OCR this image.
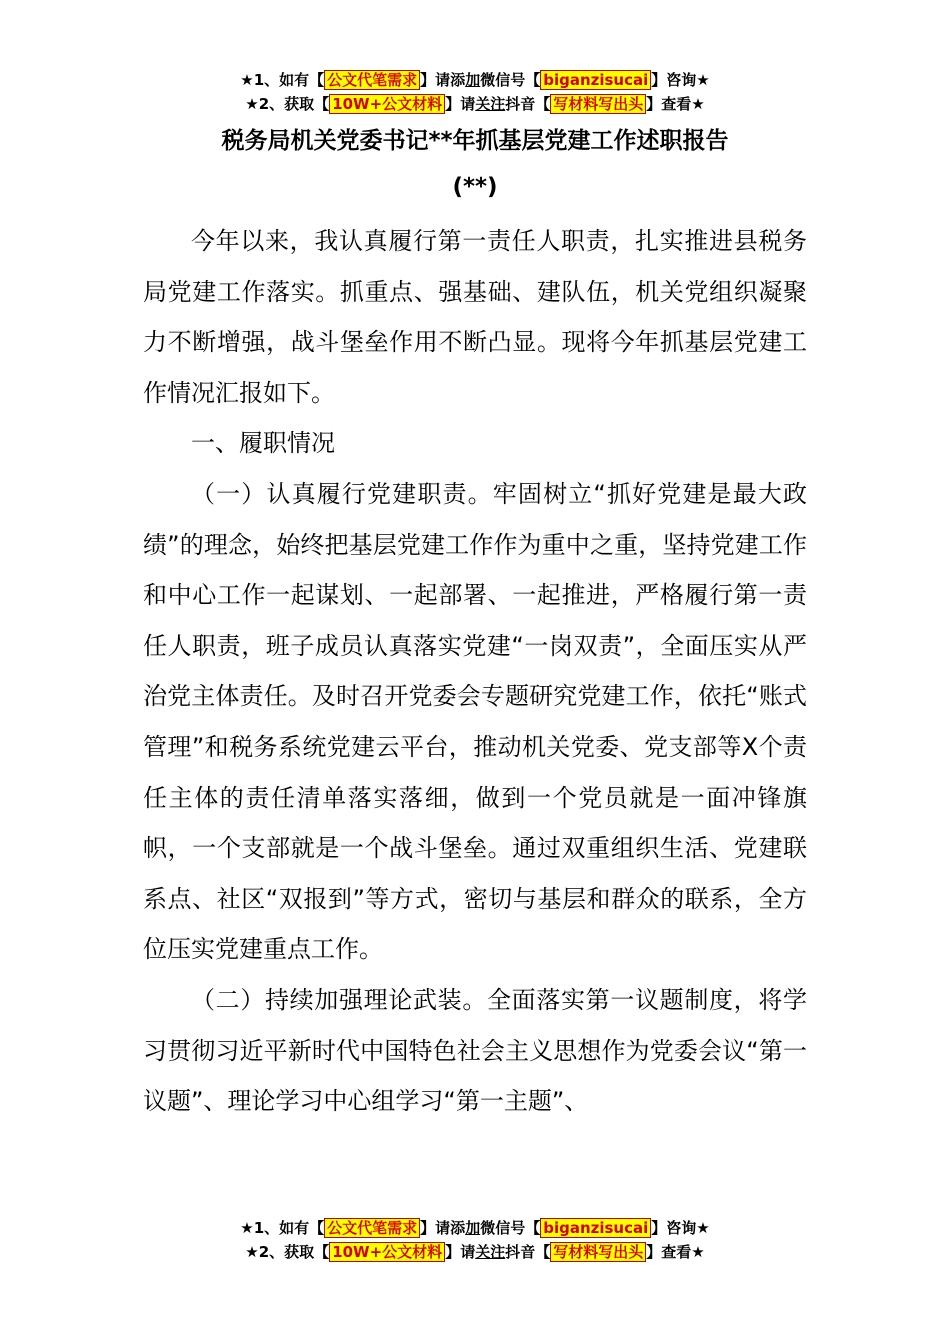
★1、如有【 公文代笔需求 】请添加微信号【 biganzisucai 】咨询★
★2、获取【 10W+公文材料 】请关注抖音【 写材料写出头 】查看★
税务局机关党委书记**年抓基层党建工作述职报告
(**)

今年以来，我认真履行第一责任人职责，扎实推进县税务局党建工作落实。抓重点、强基础、建队伍，机关党组织凝聚力不断增强，战斗堡垒作用不断凸显。现将今年抓基层党建工作情况汇报如下。

一、履职情况

（一）认真履行党建职责。牢固树立“抓好党建是最大政绩”的理念，始终把基层党建工作作为重中之重，坚持党建工作和中心工作一起谋划、一起部署、一起推进，严格履行第一责任人职责，班子成员认真落实党建“一岗双责”，全面压实从严治党主体责任。及时召开党委会专题研究党建工作，依托“账式管理”和税务系统党建云平台，推动机关党委、党支部等X个责任主体的责任清单落实落细，做到一个党员就是一面冲锋旗帜，一个支部就是一个战斗堡垒。通过双重组织生活、党建联系点、社区“双报到”等方式，密切与基层和群众的联系，全方位压实党建重点工作。

（二）持续加强理论武装。全面落实第一议题制度，将学习贯彻习近平新时代中国特色社会主义思想作为党委会议“第一议题”、理论学习中心组学习“第一主题”、

★1、如有【 公文代笔需求 】请添加微信号【 biganzisucai 】咨询★
★2、获取【 10W+公文材料 】请关注抖音【 写材料写出头 】查看★
